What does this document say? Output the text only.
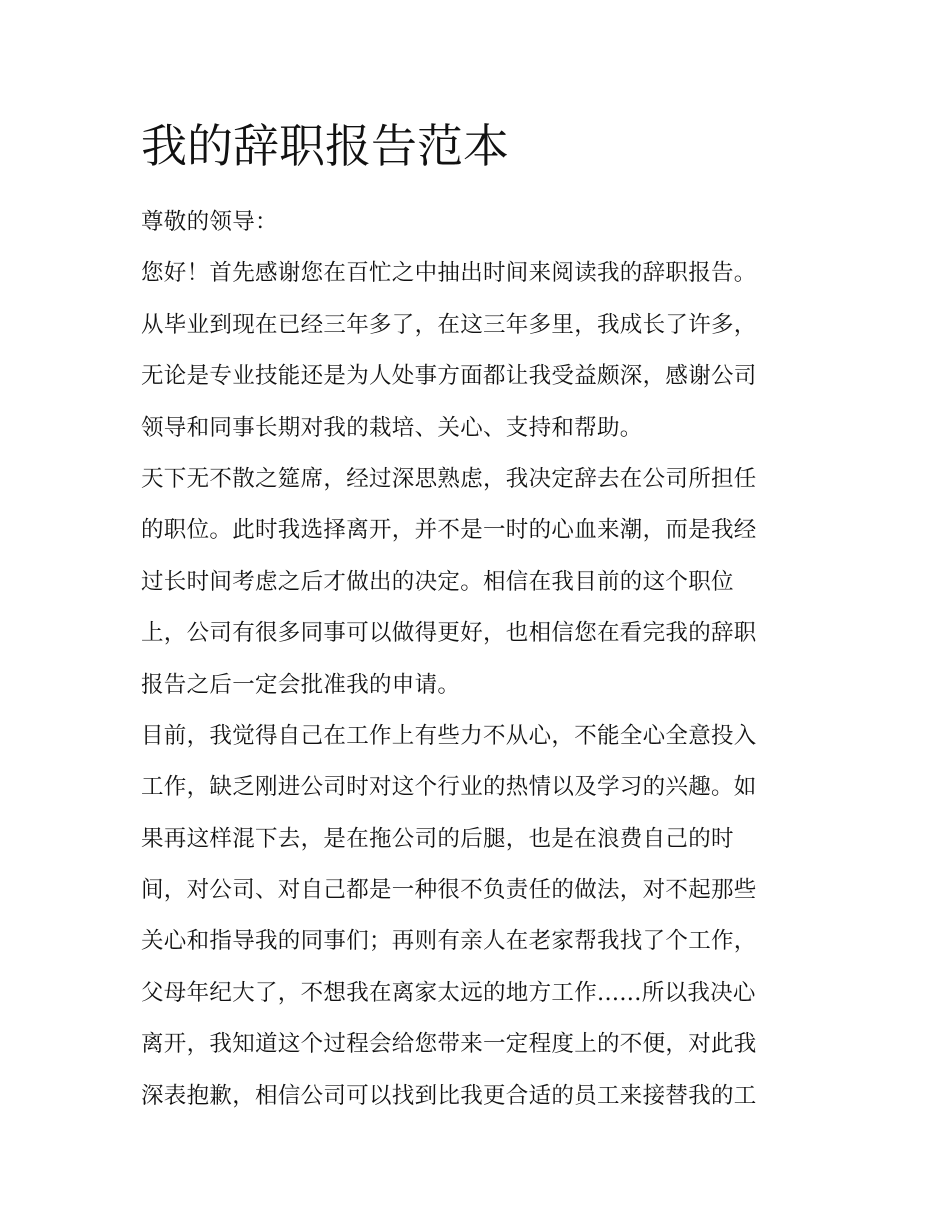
我的辞职报告范本
尊敬的领导：
您好！首先感谢您在百忙之中抽出时间来阅读我的辞职报告。
从毕业到现在已经三年多了，在这三年多里，我成长了许多，
无论是专业技能还是为人处事方面都让我受益颇深，感谢公司
领导和同事长期对我的栽培、关心、支持和帮助。
天下无不散之筵席，经过深思熟虑，我决定辞去在公司所担任
的职位。此时我选择离开，并不是一时的心血来潮，而是我经
过长时间考虑之后才做出的决定。相信在我目前的这个职位
上，公司有很多同事可以做得更好，也相信您在看完我的辞职
报告之后一定会批准我的申请。
目前，我觉得自己在工作上有些力不从心，不能全心全意投入
工作，缺乏刚进公司时对这个行业的热情以及学习的兴趣。如
果再这样混下去，是在拖公司的后腿，也是在浪费自己的时
间，对公司、对自己都是一种很不负责任的做法，对不起那些
关心和指导我的同事们；再则有亲人在老家帮我找了个工作，
父母年纪大了，不想我在离家太远的地方工作......所以我决心
离开，我知道这个过程会给您带来一定程度上的不便，对此我
深表抱歉，相信公司可以找到比我更合适的员工来接替我的工
